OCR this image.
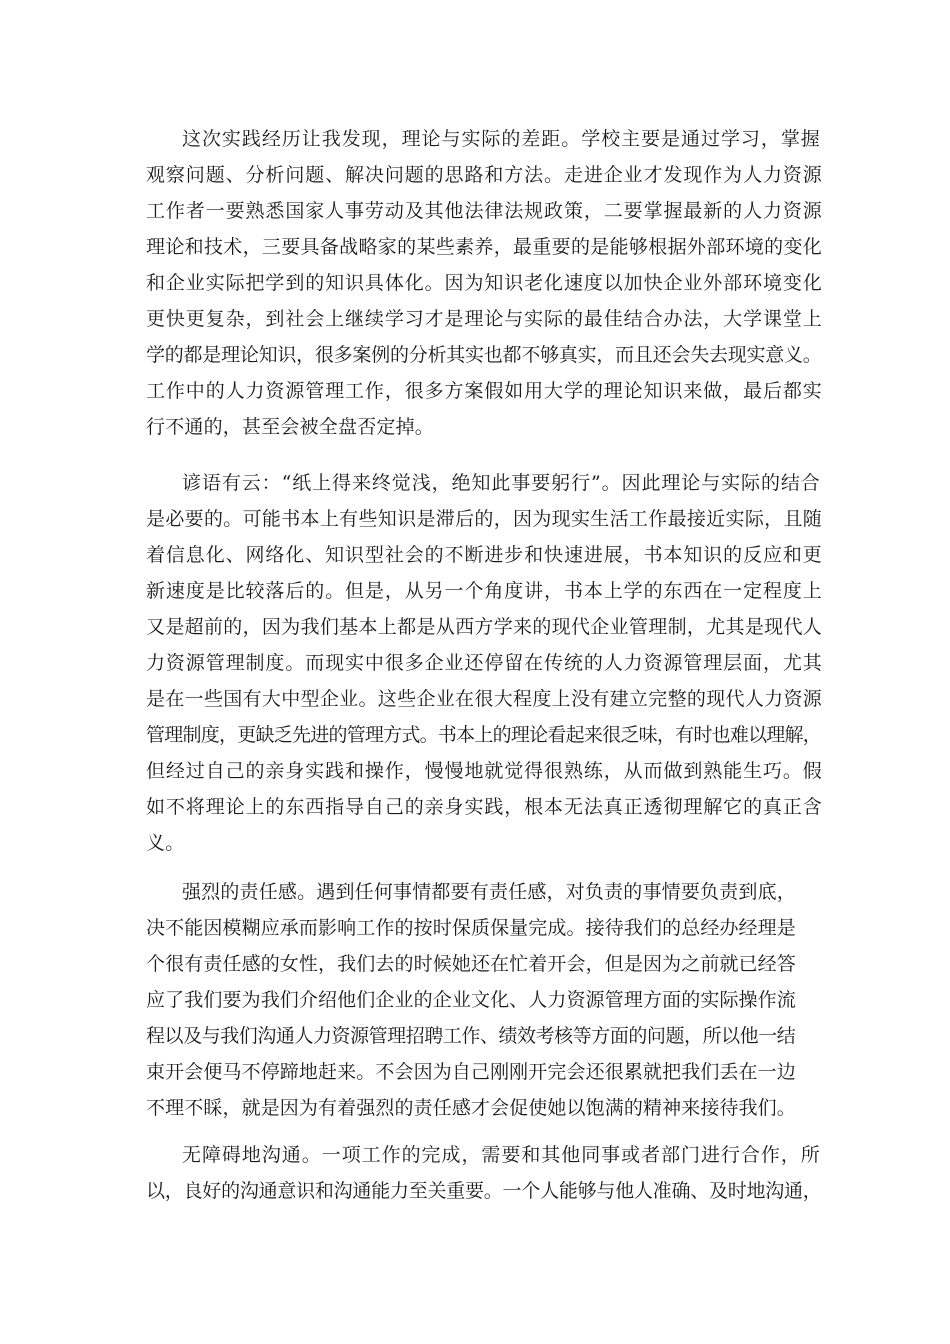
这次实践经历让我发现，理论与实际的差距。学校主要是通过学习，掌握
观察问题、分析问题、解决问题的思路和方法。走进企业才发现作为人力资源
工作者一要熟悉国家人事劳动及其他法律法规政策，二要掌握最新的人力资源
理论和技术，三要具备战略家的某些素养，最重要的是能够根据外部环境的变化
和企业实际把学到的知识具体化。因为知识老化速度以加快企业外部环境变化
更快更复杂，到社会上继续学习才是理论与实际的最佳结合办法，大学课堂上
学的都是理论知识，很多案例的分析其实也都不够真实，而且还会失去现实意义。
工作中的人力资源管理工作，很多方案假如用大学的理论知识来做，最后都实
行不通的，甚至会被全盘否定掉。
谚语有云：“纸上得来终觉浅，绝知此事要躬行”。因此理论与实际的结合
是必要的。可能书本上有些知识是滞后的，因为现实生活工作最接近实际，且随
着信息化、网络化、知识型社会的不断进步和快速进展，书本知识的反应和更
新速度是比较落后的。但是，从另一个角度讲，书本上学的东西在一定程度上
又是超前的，因为我们基本上都是从西方学来的现代企业管理制，尤其是现代人
力资源管理制度。而现实中很多企业还停留在传统的人力资源管理层面，尤其
是在一些国有大中型企业。这些企业在很大程度上没有建立完整的现代人力资源
管理制度，更缺乏先进的管理方式。书本上的理论看起来很乏味，有时也难以理解，
但经过自己的亲身实践和操作，慢慢地就觉得很熟练，从而做到熟能生巧。假
如不将理论上的东西指导自己的亲身实践，根本无法真正透彻理解它的真正含
义。
强烈的责任感。遇到任何事情都要有责任感，对负责的事情要负责到底，
决不能因模糊应承而影响工作的按时保质保量完成。接待我们的总经办经理是
个很有责任感的女性，我们去的时候她还在忙着开会，但是因为之前就已经答
应了我们要为我们介绍他们企业的企业文化、人力资源管理方面的实际操作流
程以及与我们沟通人力资源管理招聘工作、绩效考核等方面的问题，所以他一结
束开会便马不停蹄地赶来。不会因为自己刚刚开完会还很累就把我们丢在一边
不理不睬，就是因为有着强烈的责任感才会促使她以饱满的精神来接待我们。
无障碍地沟通。一项工作的完成，需要和其他同事或者部门进行合作，所
以，良好的沟通意识和沟通能力至关重要。一个人能够与他人准确、及时地沟通，
